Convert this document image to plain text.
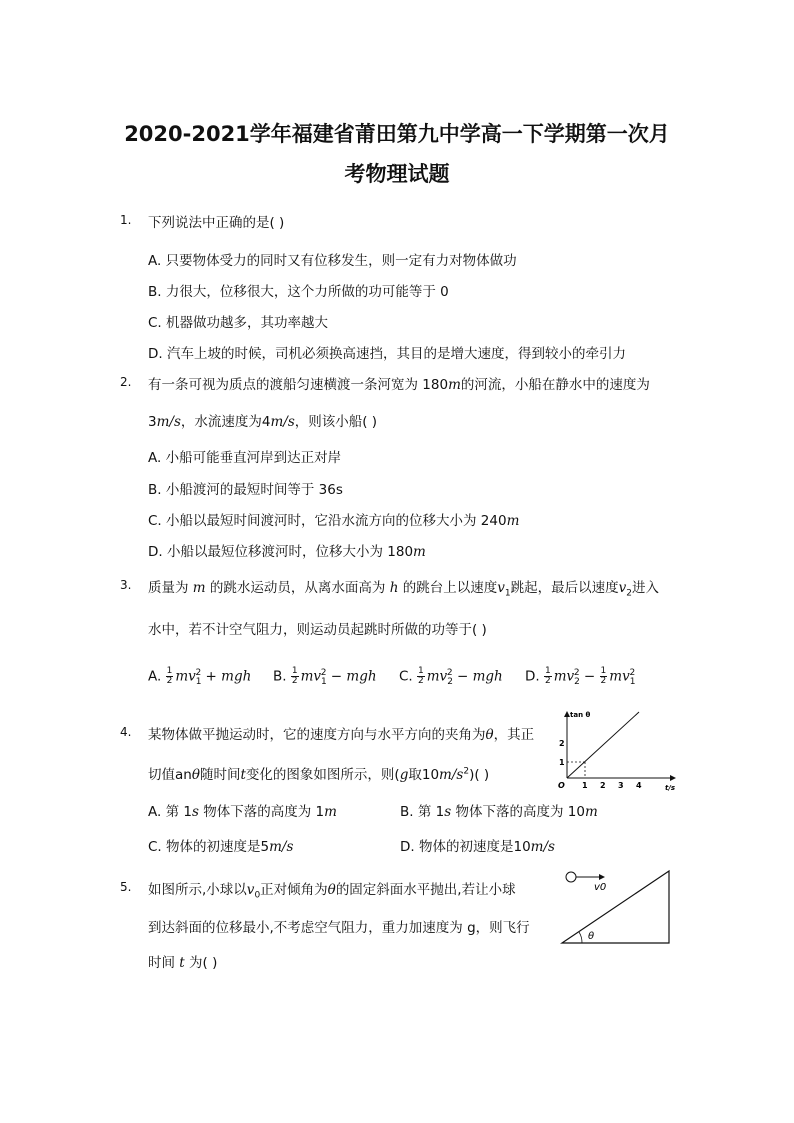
2020-2021学年福建省莆田第九中学高一下学期第一次月
考物理试题
1. 下列说法中正确的是( )
A. 只要物体受力的同时又有位移发生，则一定有力对物体做功
B. 力很大，位移很大，这个力所做的功可能等于 0
C. 机器做功越多，其功率越大
D. 汽车上坡的时候，司机必须换高速挡，其目的是增大速度，得到较小的牵引力
2. 有一条可视为质点的渡船匀速横渡一条河宽为 180m的河流，小船在静水中的速度为
3m/s，水流速度为4m/s，则该小船( )
A. 小船可能垂直河岸到达正对岸
B. 小船渡河的最短时间等于 36s
C. 小船以最短时间渡河时，它沿水流方向的位移大小为 240m
D. 小船以最短位移渡河时，位移大小为 180m
3. 质量为 m 的跳水运动员，从离水面高为 h 的跳台上以速度$v_1$跳起，最后以速度$v_2$进入
水中，若不计空气阻力，则运动员起跳时所做的功等于( )
A. $\frac{1}{2} mv_1^2$ + mgh B. $\frac{1}{2} mv_1^2$ − mgh C. $\frac{1}{2} mv_2^2$ − mgh D. $\frac{1}{2} mv_2^2 - \frac{1}{2} mv_1^2$
4. 某物体做平抛运动时，它的速度方向与水平方向的夹角为θ，其正
切值anθ随时间t变化的图象如图所示，则(g取$10m/s^2$)( )
A. 第 1s 物体下落的高度为 1m	B. 第 1s 物体下落的高度为 10m
C. 物体的初速度是5m/s	D. 物体的初速度是10m/s
tan θ
t/s
O 1 2 3 4
1
2
5. 如图所示,小球以$v_0$正对倾角为θ的固定斜面水平抛出,若让小球
到达斜面的位移最小,不考虑空气阻力，重力加速度为 g，则飞行
时间 t 为( )
v0
θ
